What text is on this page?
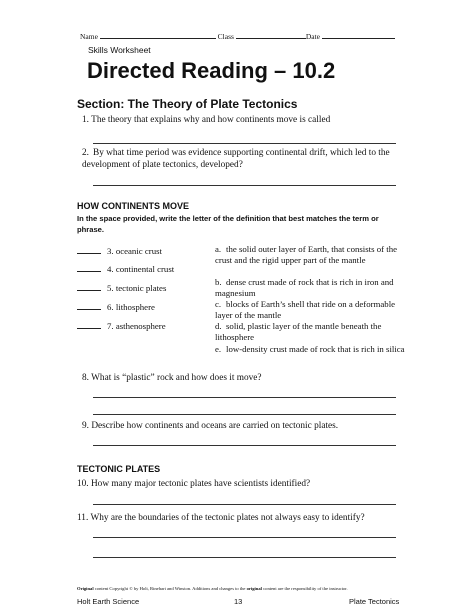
Name	Class	Date
Skills Worksheet
Directed Reading – 10.2
Section: The Theory of Plate Tectonics
1. The theory that explains why and how continents move is called
2. By what time period was evidence supporting continental drift, which led to the development of plate tectonics, developed?
HOW CONTINENTS MOVE
In the space provided, write the letter of the definition that best matches the term or phrase.
3. oceanic crust
4. continental crust
5. tectonic plates
6. lithosphere
7. asthenosphere
a. the solid outer layer of Earth, that consists of the crust and the rigid upper part of the mantle
b. dense crust made of rock that is rich in iron and magnesium
c. blocks of Earth’s shell that ride on a deformable layer of the mantle
d. solid, plastic layer of the mantle beneath the lithosphere
e. low-density crust made of rock that is rich in silica
8. What is “plastic” rock and how does it move?
9. Describe how continents and oceans are carried on tectonic plates.
TECTONIC PLATES
10. How many major tectonic plates have scientists identified?
11. Why are the boundaries of the tectonic plates not always easy to identify?
Original content Copyright © by Holt, Rinehart and Winston. Additions and changes to the original content are the responsibility of the instructor.
Holt Earth Science	13	Plate Tectonics
